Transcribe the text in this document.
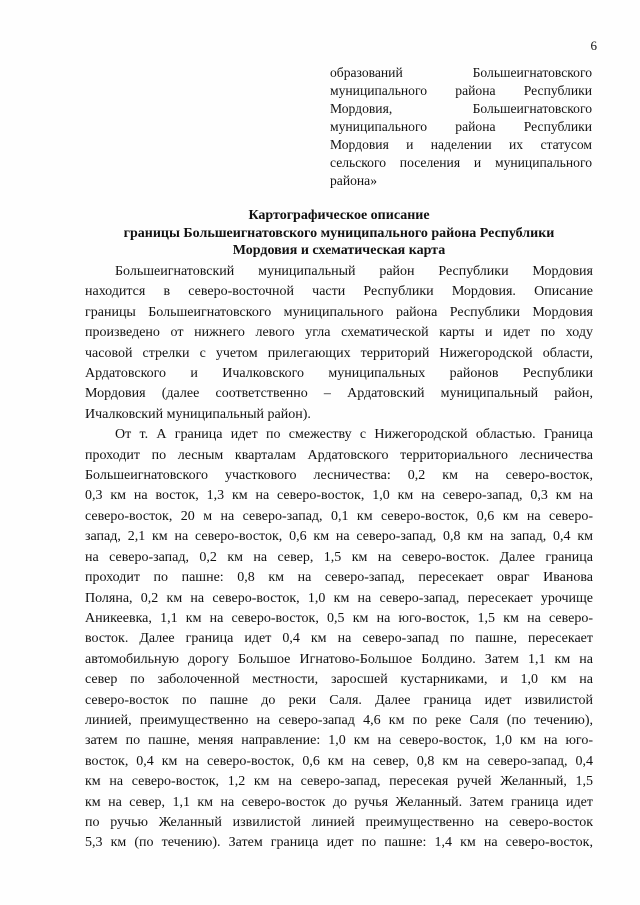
6
образований Большеигнатовского
муниципального района Республики
Мордовия, Большеигнатовского
муниципального района Республики
Мордовия и наделении их статусом
сельского поселения и муниципального
района»
Картографическое описание
границы Большеигнатовского муниципального района Республики
Мордовия и схематическая карта
Большеигнатовский муниципальный район Республики Мордовия
находится в северо-восточной части Республики Мордовия. Описание
границы Большеигнатовского муниципального района Республики Мордовия
произведено от нижнего левого угла схематической карты и идет по ходу
часовой стрелки с учетом прилегающих территорий Нижегородской области,
Ардатовского и Ичалковского муниципальных районов Республики
Мордовия (далее соответственно – Ардатовский муниципальный район,
Ичалковский муниципальный район).
От т. А граница идет по смежеству с Нижегородской областью. Граница
проходит по лесным кварталам Ардатовского территориального лесничества
Большеигнатовского участкового лесничества: 0,2 км на северо-восток,
0,3 км на восток, 1,3 км на северо-восток, 1,0 км на северо-запад, 0,3 км на
северо-восток, 20 м на северо-запад, 0,1 км северо-восток, 0,6 км на северо-
запад, 2,1 км на северо-восток, 0,6 км на северо-запад, 0,8 км на запад, 0,4 км
на северо-запад, 0,2 км на север, 1,5 км на северо-восток. Далее граница
проходит по пашне: 0,8 км на северо-запад, пересекает овраг Иванова
Поляна, 0,2 км на северо-восток, 1,0 км на северо-запад, пересекает урочище
Аникеевка, 1,1 км на северо-восток, 0,5 км на юго-восток, 1,5 км на северо-
восток. Далее граница идет 0,4 км на северо-запад по пашне, пересекает
автомобильную дорогу Большое Игнатово-Большое Болдино. Затем 1,1 км на
север по заболоченной местности, заросшей кустарниками, и 1,0 км на
северо-восток по пашне до реки Саля. Далее граница идет извилистой
линией, преимущественно на северо-запад 4,6 км по реке Саля (по течению),
затем по пашне, меняя направление: 1,0 км на северо-восток, 1,0 км на юго-
восток, 0,4 км на северо-восток, 0,6 км на север, 0,8 км на северо-запад, 0,4
км на северо-восток, 1,2 км на северо-запад, пересекая ручей Желанный, 1,5
км на север, 1,1 км на северо-восток до ручья Желанный. Затем граница идет
по ручью Желанный извилистой линией преимущественно на северо-восток
5,3 км (по течению). Затем граница идет по пашне: 1,4 км на северо-восток,
